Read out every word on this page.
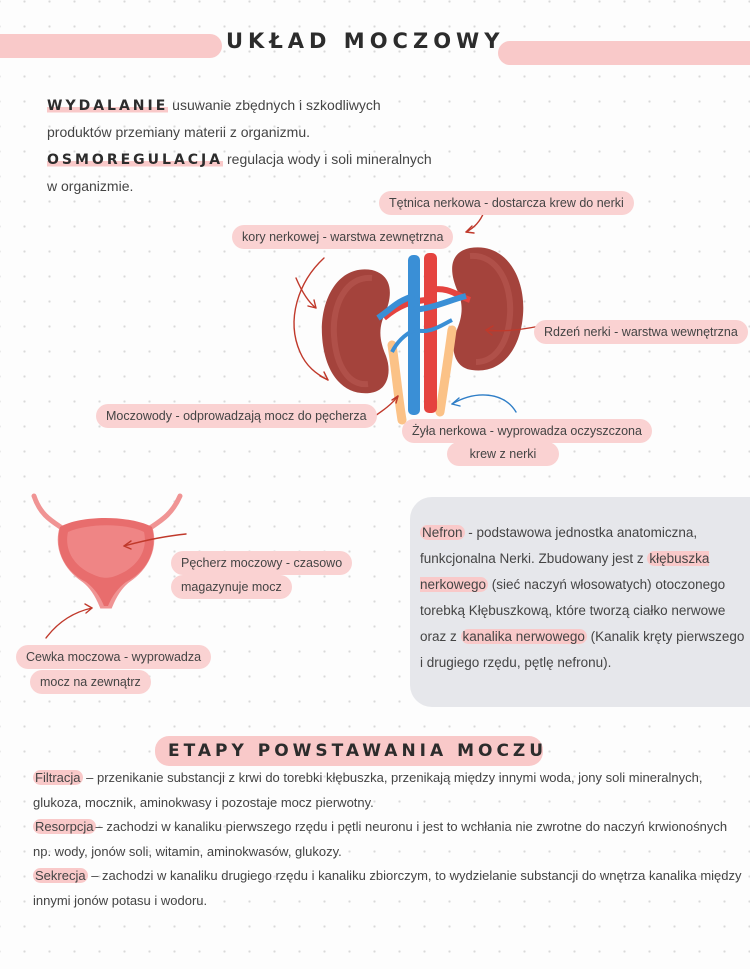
UKŁAD MOCZOWY
WYDALANIE usuwanie zbędnych i szkodliwych produktów przemiany materii z organizmu.
OSMOREGULACJA regulacja wody i soli mineralnych w organizmie.
Tętnica nerkowa - dostarcza krew do nerki
kory nerkowej - warstwa zewnętrzna
Rdzeń nerki - warstwa wewnętrzna
Moczowody - odprowadzają mocz do pęcherza
Żyła nerkowa - wyprowadza oczyszczona
krew z nerki
Pęcherz moczowy - czasowo
magazynuje mocz
Cewka moczowa - wyprowadza
mocz na zewnątrz
Nefron - podstawowa jednostka anatomiczna, funkcjonalna Nerki. Zbudowany jest z kłębuszka nerkowego (sieć naczyń włosowatych) otoczonego torebką Kłębuszkową, które tworzą ciałko nerwowe oraz z kanalika nerwowego (Kanalik kręty pierwszego i drugiego rzędu, pętlę nefronu).
ETAPY POWSTAWANIA MOCZU

Filtracja – przenikanie substancji z krwi do torebki kłębuszka, przenikają między innymi woda, jony soli mineralnych, glukoza, mocznik, aminokwasy i pozostaje mocz pierwotny.

Resorpcja – zachodzi w kanaliku pierwszego rzędu i pętli neuronu i jest to wchłania nie zwrotne do naczyń krwionośnych np. wody, jonów soli, witamin, aminokwasów, glukozy.

Sekrecja – zachodzi w kanaliku drugiego rzędu i kanaliku zbiorczym, to wydzielanie substancji do wnętrza kanalika między innymi jonów potasu i wodoru.
